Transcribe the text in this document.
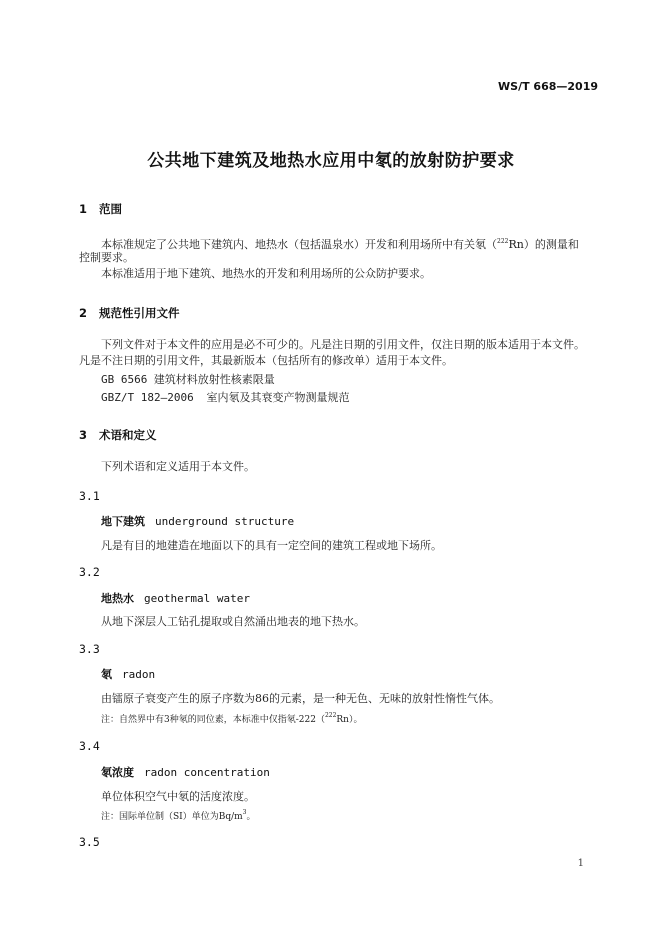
WS/T 668—2019
公共地下建筑及地热水应用中氡的放射防护要求
1 范围
本标准规定了公共地下建筑内、地热水（包括温泉水）开发和利用场所中有关氡（$^{222}$Rn）的测量和
控制要求。
本标准适用于地下建筑、地热水的开发和利用场所的公众防护要求。
2 规范性引用文件
下列文件对于本文件的应用是必不可少的。凡是注日期的引用文件，仅注日期的版本适用于本文件。
凡是不注日期的引用文件，其最新版本（包括所有的修改单）适用于本文件。
GB 6566 建筑材料放射性核素限量
GBZ/T 182—2006 室内氡及其衰变产物测量规范
3 术语和定义
下列术语和定义适用于本文件。
3.1
地下建筑 underground structure
凡是有目的地建造在地面以下的具有一定空间的建筑工程或地下场所。
3.2
地热水 geothermal water
从地下深层人工钻孔提取或自然涌出地表的地下热水。
3.3
氡 radon
由镭原子衰变产生的原子序数为86的元素，是一种无色、无味的放射性惰性气体。
注：自然界中有3种氡的同位素，本标准中仅指氡-222（$^{222}$Rn）。
3.4
氡浓度 radon concentration
单位体积空气中氡的活度浓度。
注：国际单位制（SI）单位为$Bq/m^3$。
3.5
1
